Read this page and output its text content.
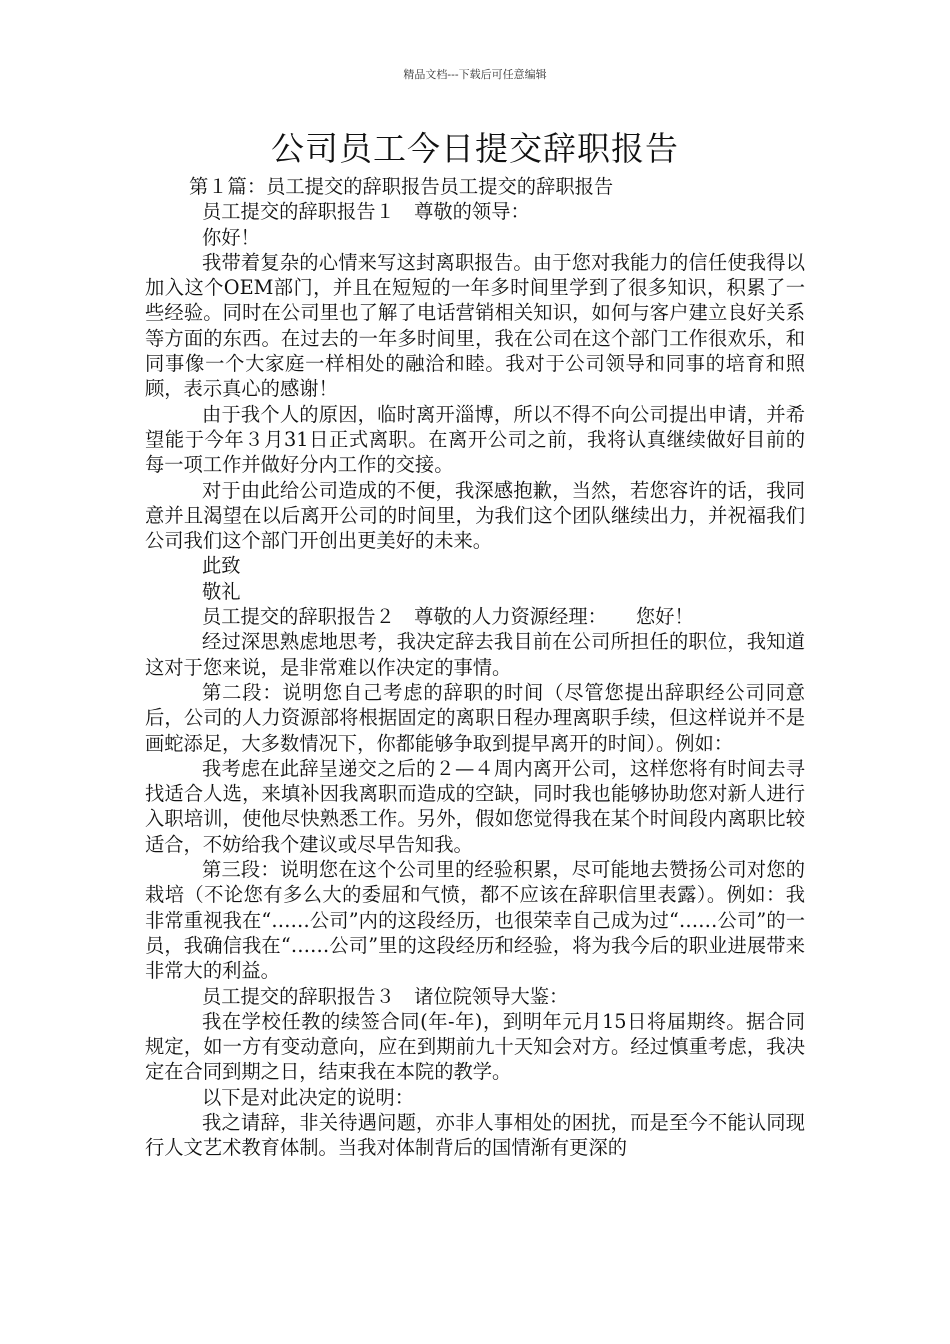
精品文档---下载后可任意编辑
公司员工今日提交辞职报告

第１篇：员工提交的辞职报告员工提交的辞职报告

员工提交的辞职报告１　尊敬的领导：

你好！

我带着复杂的心情来写这封离职报告。由于您对我能力的信任使我得以加入这个OEM部门，并且在短短的一年多时间里学到了很多知识，积累了一些经验。同时在公司里也了解了电话营销相关知识，如何与客户建立良好关系等方面的东西。在过去的一年多时间里，我在公司在这个部门工作很欢乐，和同事像一个大家庭一样相处的融洽和睦。我对于公司领导和同事的培育和照顾，表示真心的感谢！

由于我个人的原因，临时离开淄博，所以不得不向公司提出申请，并希望能于今年３月31日正式离职。在离开公司之前，我将认真继续做好目前的每一项工作并做好分内工作的交接。

对于由此给公司造成的不便，我深感抱歉，当然，若您容许的话，我同意并且渴望在以后离开公司的时间里，为我们这个团队继续出力，并祝福我们公司我们这个部门开创出更美好的未来。

此致

敬礼

员工提交的辞职报告２　尊敬的人力资源经理：　　您好！

经过深思熟虑地思考，我决定辞去我目前在公司所担任的职位，我知道这对于您来说，是非常难以作决定的事情。

第二段：说明您自己考虑的辞职的时间（尽管您提出辞职经公司同意后，公司的人力资源部将根据固定的离职日程办理离职手续，但这样说并不是画蛇添足，大多数情况下，你都能够争取到提早离开的时间）。例如：

我考虑在此辞呈递交之后的２—４周内离开公司，这样您将有时间去寻找适合人选，来填补因我离职而造成的空缺，同时我也能够协助您对新人进行入职培训，使他尽快熟悉工作。另外，假如您觉得我在某个时间段内离职比较适合，不妨给我个建议或尽早告知我。

第三段：说明您在这个公司里的经验积累，尽可能地去赞扬公司对您的栽培（不论您有多么大的委屈和气愤，都不应该在辞职信里表露）。例如：我非常重视我在“……公司”内的这段经历，也很荣幸自己成为过“……公司”的一员，我确信我在“……公司”里的这段经历和经验，将为我今后的职业进展带来非常大的利益。

员工提交的辞职报告３　诸位院领导大鉴：

我在学校任教的续签合同(年-年)，到明年元月15日将届期终。据合同规定，如一方有变动意向，应在到期前九十天知会对方。经过慎重考虑，我决定在合同到期之日，结束我在本院的教学。

以下是对此决定的说明：

我之请辞，非关待遇问题，亦非人事相处的困扰，而是至今不能认同现行人文艺术教育体制。当我对体制背后的国情渐有更深的
